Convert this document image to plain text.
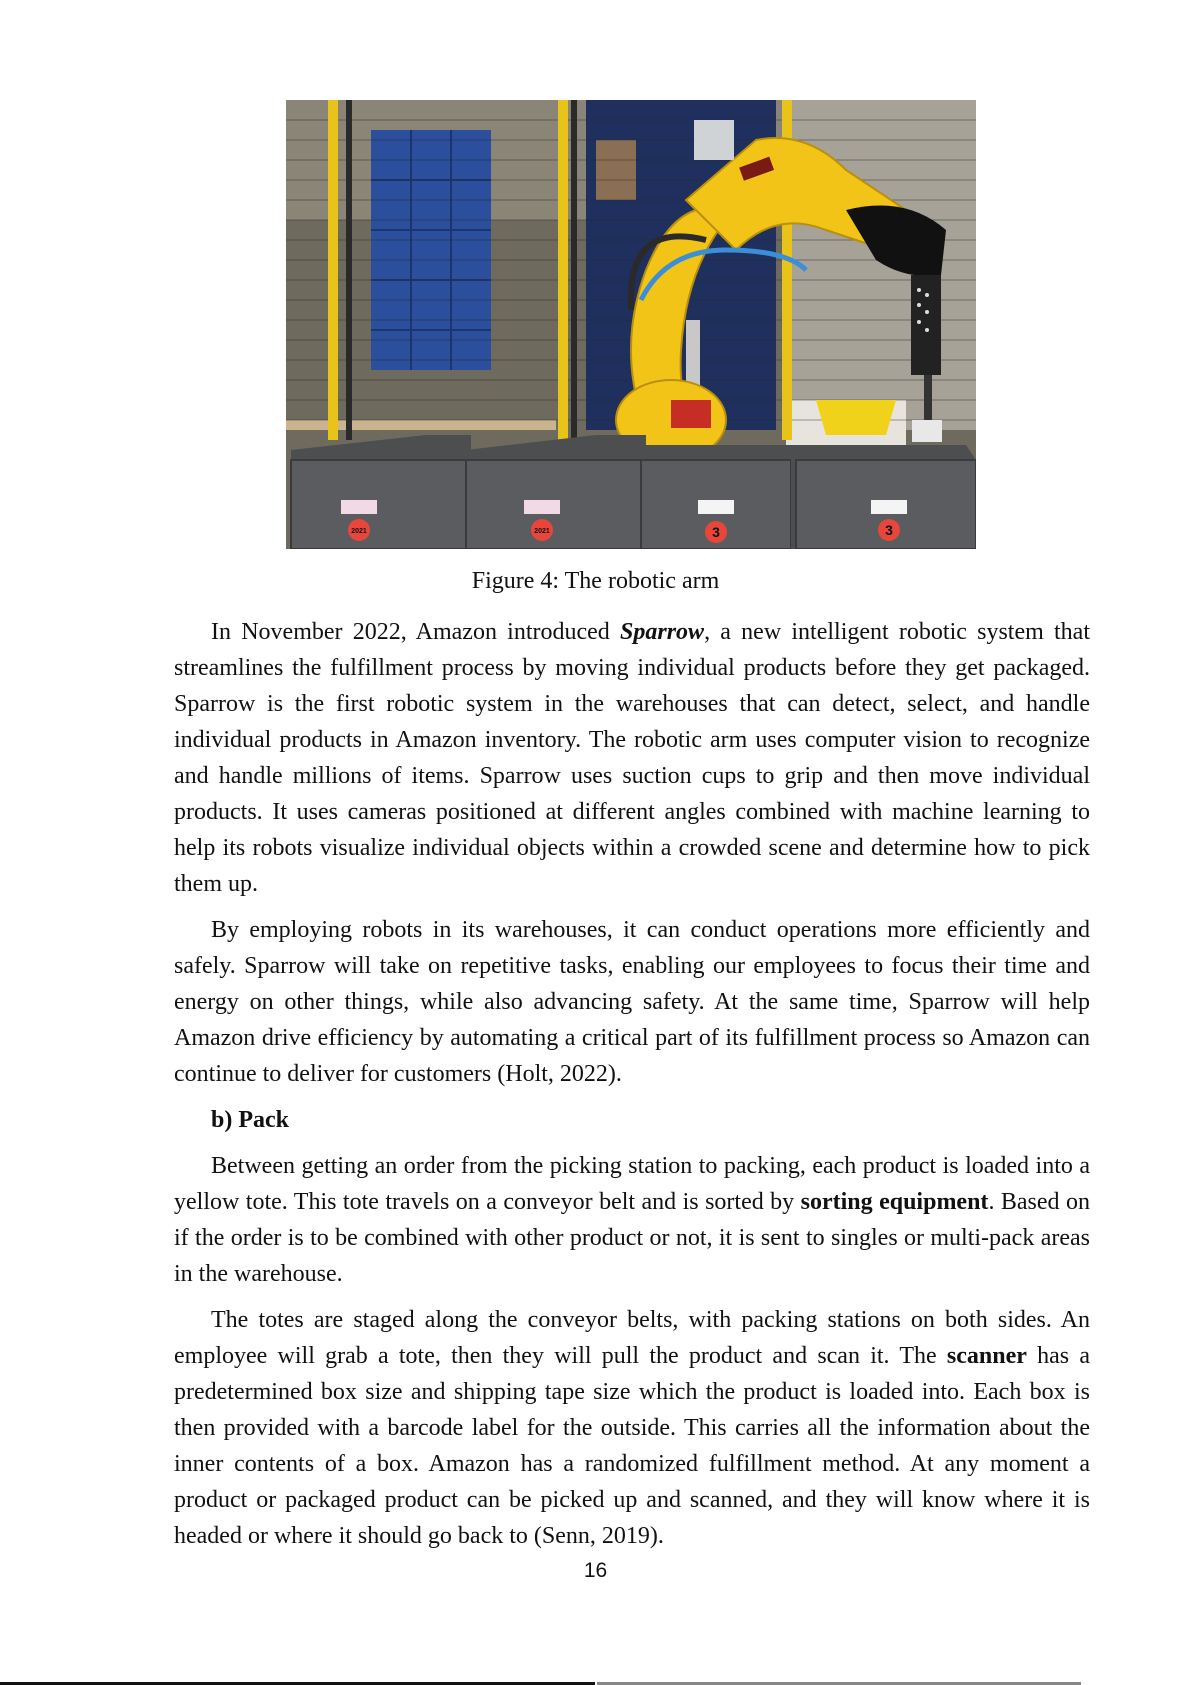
2021	2021	3	3
Figure 4: The robotic arm

In November 2022, Amazon introduced Sparrow, a new intelligent robotic system that streamlines the fulfillment process by moving individual products before they get packaged. Sparrow is the first robotic system in the warehouses that can detect, select, and handle individual products in Amazon inventory. The robotic arm uses computer vision to recognize and handle millions of items. Sparrow uses suction cups to grip and then move individual products. It uses cameras positioned at different angles combined with machine learning to help its robots visualize individual objects within a crowded scene and determine how to pick them up.

By employing robots in its warehouses, it can conduct operations more efficiently and safely. Sparrow will take on repetitive tasks, enabling our employees to focus their time and energy on other things, while also advancing safety. At the same time, Sparrow will help Amazon drive efficiency by automating a critical part of its fulfillment process so Amazon can continue to deliver for customers (Holt, 2022).

b) Pack

Between getting an order from the picking station to packing, each product is loaded into a yellow tote. This tote travels on a conveyor belt and is sorted by sorting equipment. Based on if the order is to be combined with other product or not, it is sent to singles or multi-pack areas in the warehouse.

The totes are staged along the conveyor belts, with packing stations on both sides. An employee will grab a tote, then they will pull the product and scan it. The scanner has a predetermined box size and shipping tape size which the product is loaded into. Each box is then provided with a barcode label for the outside. This carries all the information about the inner contents of a box. Amazon has a randomized fulfillment method. At any moment a product or packaged product can be picked up and scanned, and they will know where it is headed or where it should go back to (Senn, 2019).

16
